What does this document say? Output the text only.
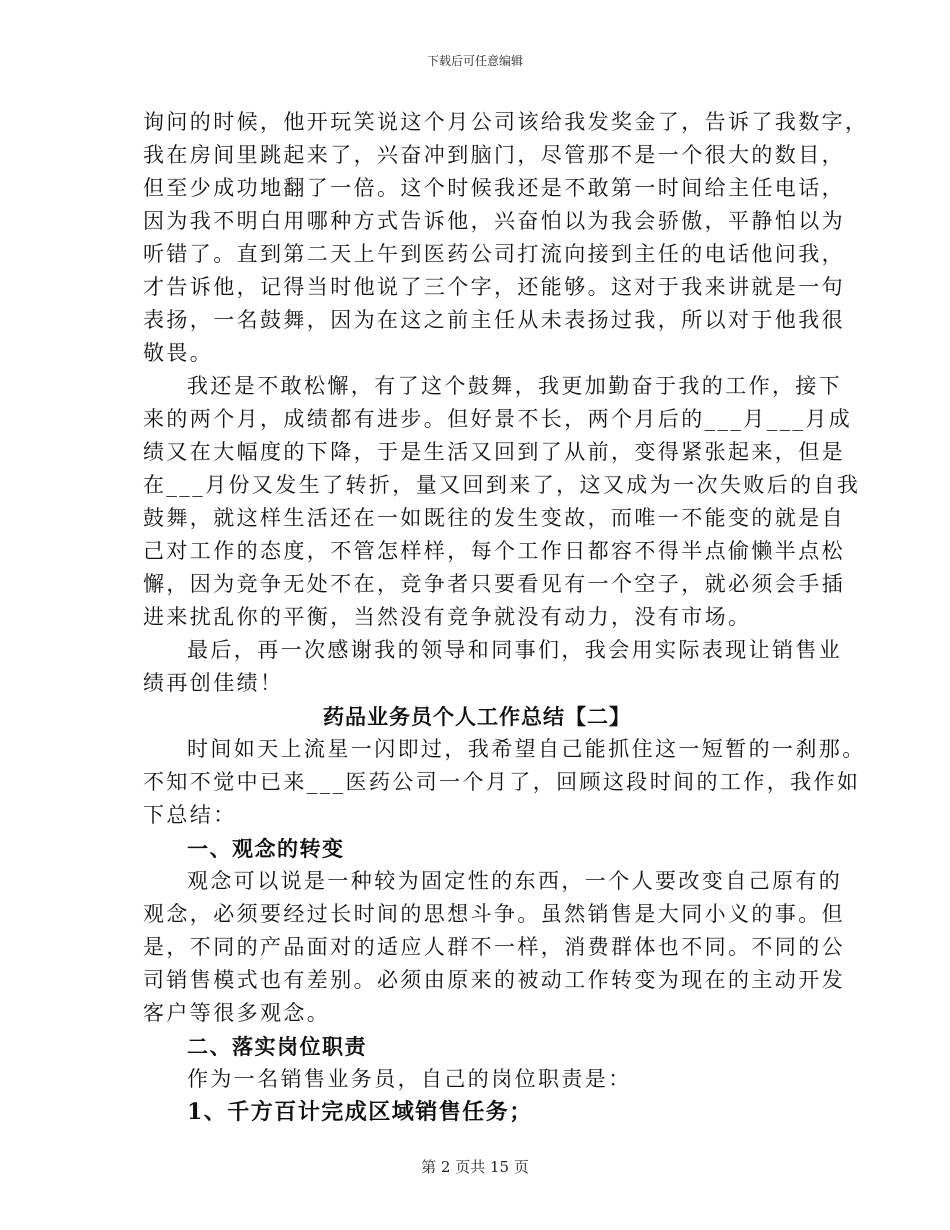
下载后可任意编辑
询问的时候，他开玩笑说这个月公司该给我发奖金了，告诉了我数字，
我在房间里跳起来了，兴奋冲到脑门，尽管那不是一个很大的数目，
但至少成功地翻了一倍。这个时候我还是不敢第一时间给主任电话，
因为我不明白用哪种方式告诉他，兴奋怕以为我会骄傲，平静怕以为
听错了。直到第二天上午到医药公司打流向接到主任的电话他问我，
才告诉他，记得当时他说了三个字，还能够。这对于我来讲就是一句
表扬，一名鼓舞，因为在这之前主任从未表扬过我，所以对于他我很
敬畏。
我还是不敢松懈，有了这个鼓舞，我更加勤奋于我的工作，接下
来的两个月，成绩都有进步。但好景不长，两个月后的___月___月成
绩又在大幅度的下降，于是生活又回到了从前，变得紧张起来，但是
在___月份又发生了转折，量又回到来了，这又成为一次失败后的自我
鼓舞，就这样生活还在一如既往的发生变故，而唯一不能变的就是自
己对工作的态度，不管怎样样，每个工作日都容不得半点偷懒半点松
懈，因为竞争无处不在，竞争者只要看见有一个空子，就必须会手插
进来扰乱你的平衡，当然没有竞争就没有动力，没有市场。
最后，再一次感谢我的领导和同事们，我会用实际表现让销售业
绩再创佳绩！
药品业务员个人工作总结【二】
时间如天上流星一闪即过，我希望自己能抓住这一短暂的一刹那。
不知不觉中已来___医药公司一个月了，回顾这段时间的工作，我作如
下总结：
一、观念的转变
观念可以说是一种较为固定性的东西，一个人要改变自己原有的
观念，必须要经过长时间的思想斗争。虽然销售是大同小义的事。但
是，不同的产品面对的适应人群不一样，消费群体也不同。不同的公
司销售模式也有差别。必须由原来的被动工作转变为现在的主动开发
客户等很多观念。
二、落实岗位职责
作为一名销售业务员，自己的岗位职责是：
1、千方百计完成区域销售任务；
第 2 页共 15 页
